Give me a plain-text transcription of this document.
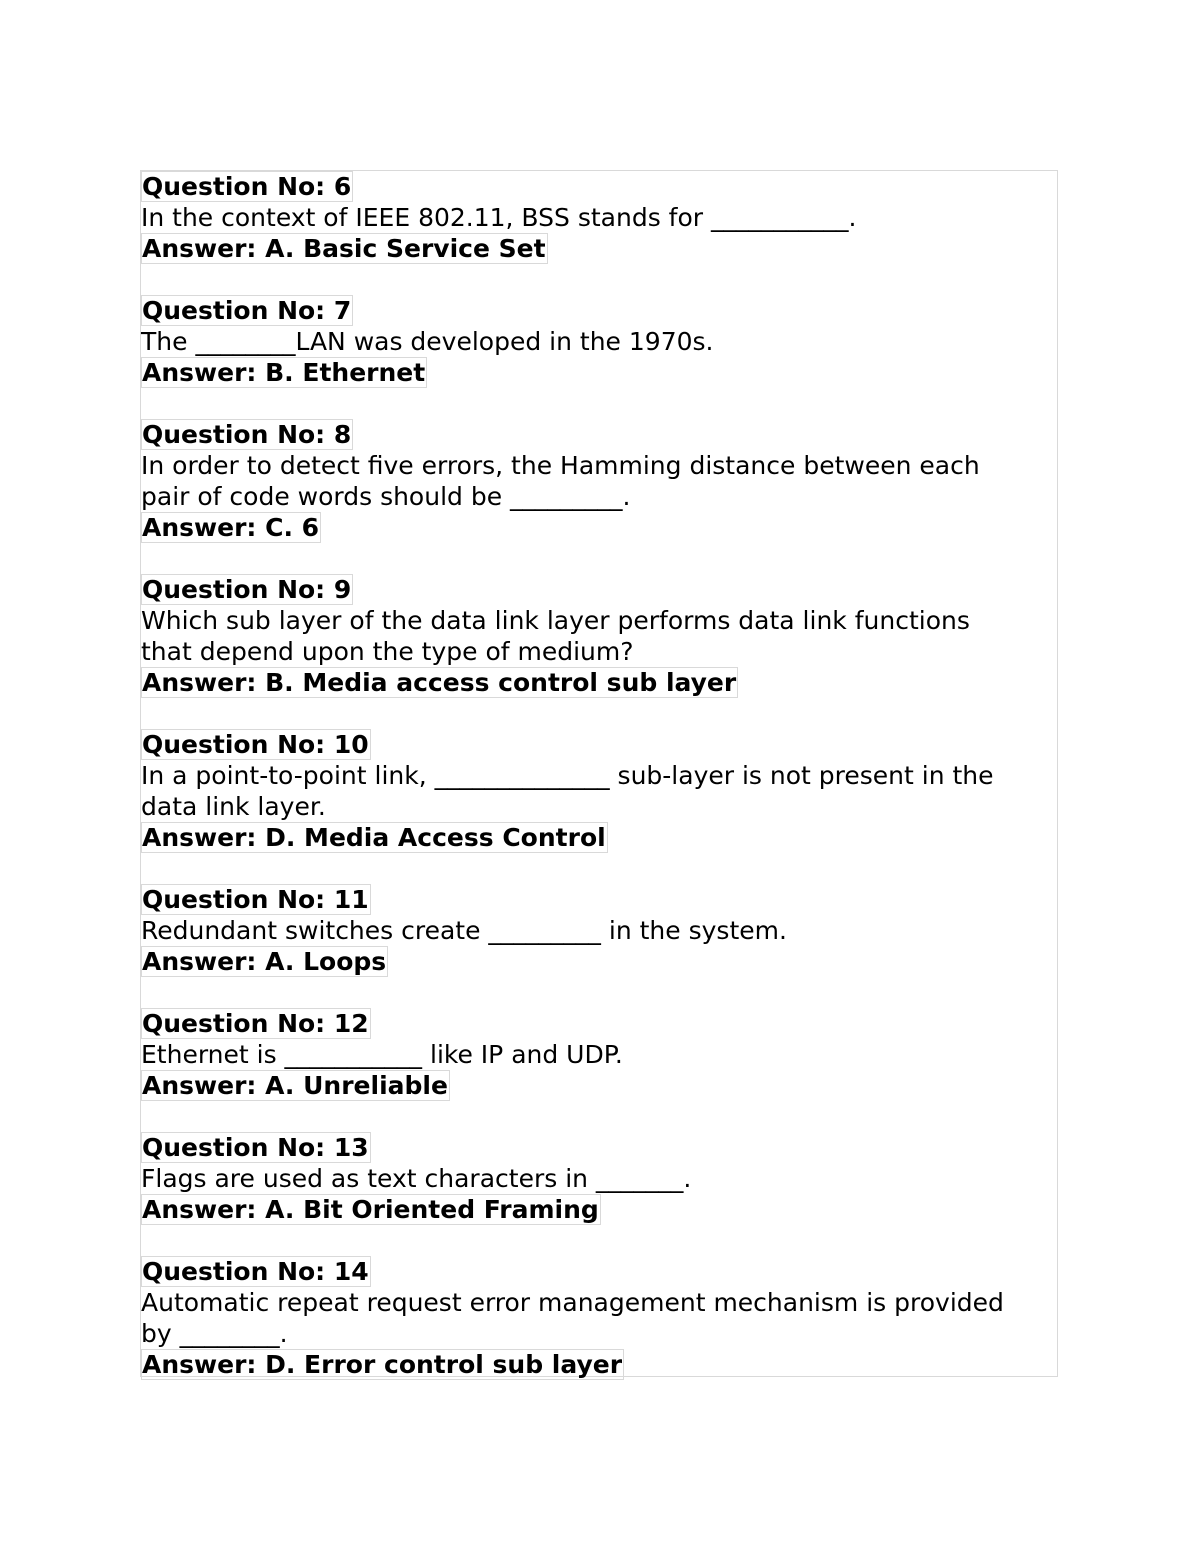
Question No: 6
In the context of IEEE 802.11, BSS stands for ___________.
Answer: A. Basic Service Set
Question No: 7
The ________LAN was developed in the 1970s.
Answer: B. Ethernet
Question No: 8
In order to detect five errors, the Hamming distance between each
pair of code words should be _________.
Answer: C. 6
Question No: 9
Which sub layer of the data link layer performs data link functions
that depend upon the type of medium?
Answer: B. Media access control sub layer
Question No: 10
In a point-to-point link, ______________ sub-layer is not present in the
data link layer.
Answer: D. Media Access Control
Question No: 11
Redundant switches create _________ in the system.
Answer: A. Loops
Question No: 12
Ethernet is ___________ like IP and UDP.
Answer: A. Unreliable
Question No: 13
Flags are used as text characters in _______.
Answer: A. Bit Oriented Framing
Question No: 14
Automatic repeat request error management mechanism is provided
by ________.
Answer: D. Error control sub layer
